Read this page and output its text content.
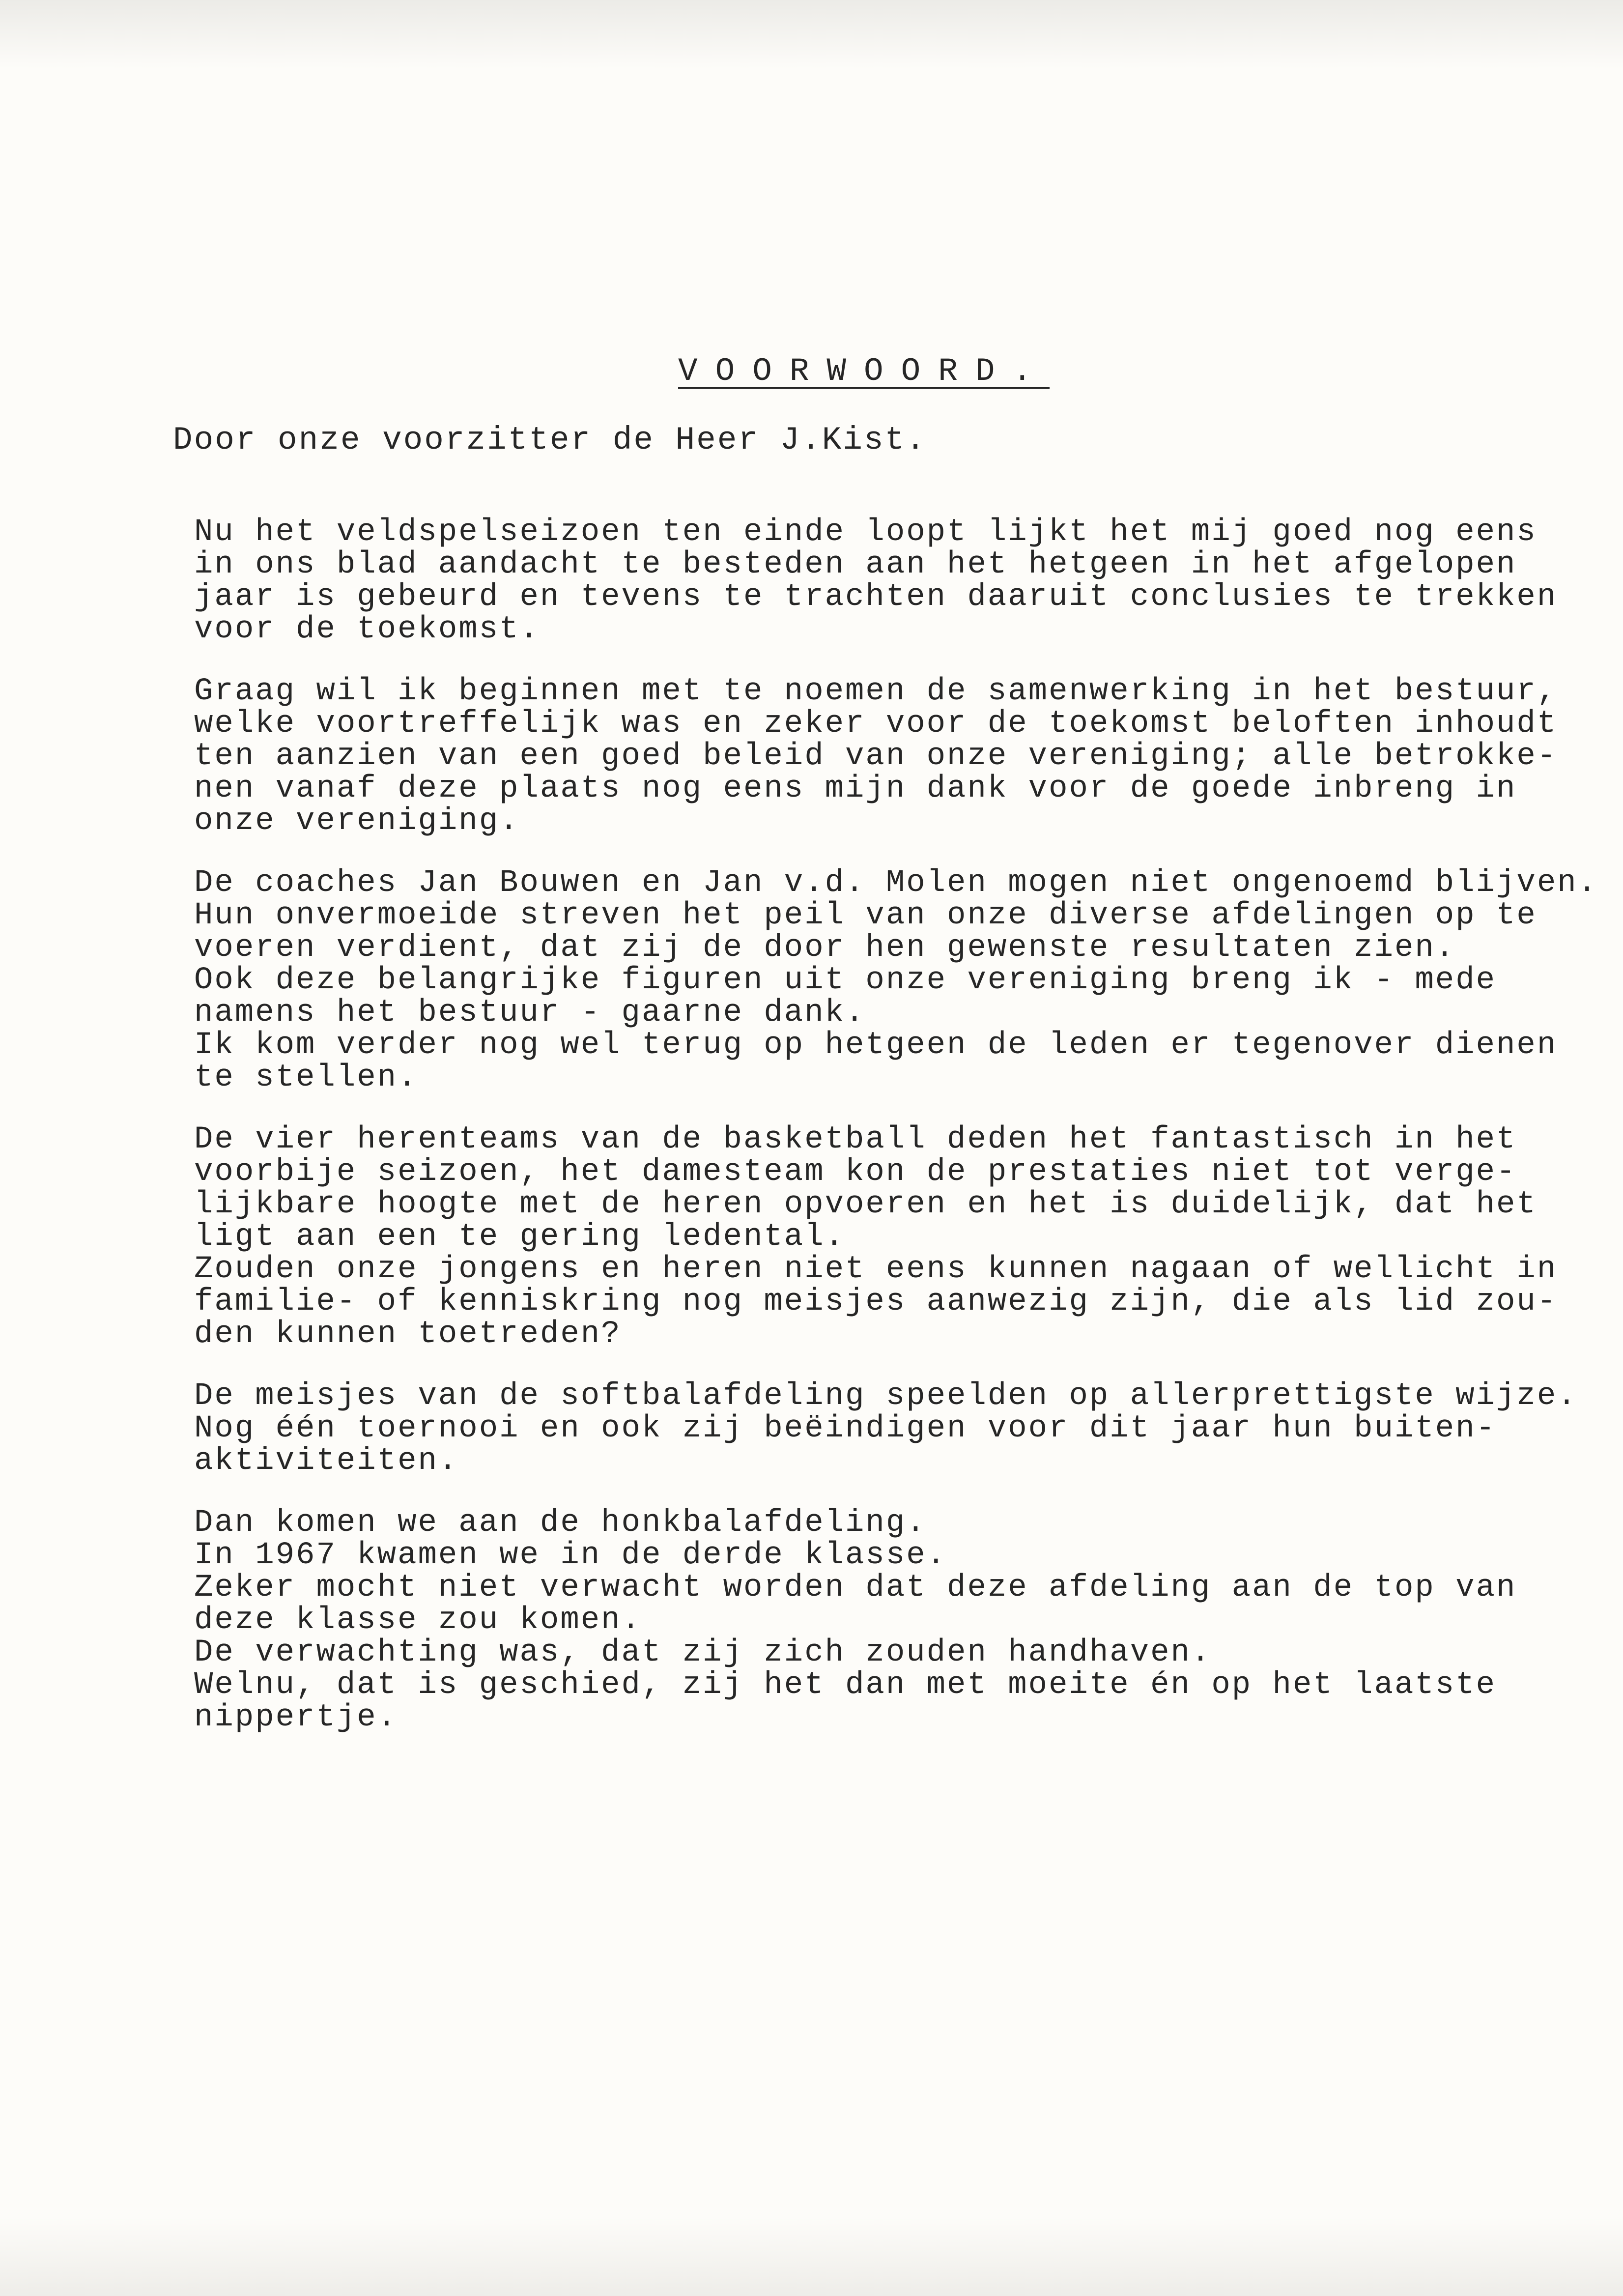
VOORWOORD.
Door onze voorzitter de Heer J.Kist.
Nu het veldspelseizoen ten einde loopt lijkt het mij goed nog eens
in ons blad aandacht te besteden aan het hetgeen in het afgelopen
jaar is gebeurd en tevens te trachten daaruit conclusies te trekken
voor de toekomst.
Graag wil ik beginnen met te noemen de samenwerking in het bestuur,
welke voortreffelijk was en zeker voor de toekomst beloften inhoudt
ten aanzien van een goed beleid van onze vereniging; alle betrokke-
nen vanaf deze plaats nog eens mijn dank voor de goede inbreng in
onze vereniging.
De coaches Jan Bouwen en Jan v.d. Molen mogen niet ongenoemd blijven.
Hun onvermoeide streven het peil van onze diverse afdelingen op te
voeren verdient, dat zij de door hen gewenste resultaten zien.
Ook deze belangrijke figuren uit onze vereniging breng ik - mede
namens het bestuur - gaarne dank.
Ik kom verder nog wel terug op hetgeen de leden er tegenover dienen
te stellen.
De vier herenteams van de basketball deden het fantastisch in het
voorbije seizoen, het damesteam kon de prestaties niet tot verge-
lijkbare hoogte met de heren opvoeren en het is duidelijk, dat het
ligt aan een te gering ledental.
Zouden onze jongens en heren niet eens kunnen nagaan of wellicht in
familie- of kenniskring nog meisjes aanwezig zijn, die als lid zou-
den kunnen toetreden?
De meisjes van de softbalafdeling speelden op allerprettigste wijze.
Nog één toernooi en ook zij beëindigen voor dit jaar hun buiten-
aktiviteiten.
Dan komen we aan de honkbalafdeling.
In 1967 kwamen we in de derde klasse.
Zeker mocht niet verwacht worden dat deze afdeling aan de top van
deze klasse zou komen.
De verwachting was, dat zij zich zouden handhaven.
Welnu, dat is geschied, zij het dan met moeite én op het laatste
nippertje.
